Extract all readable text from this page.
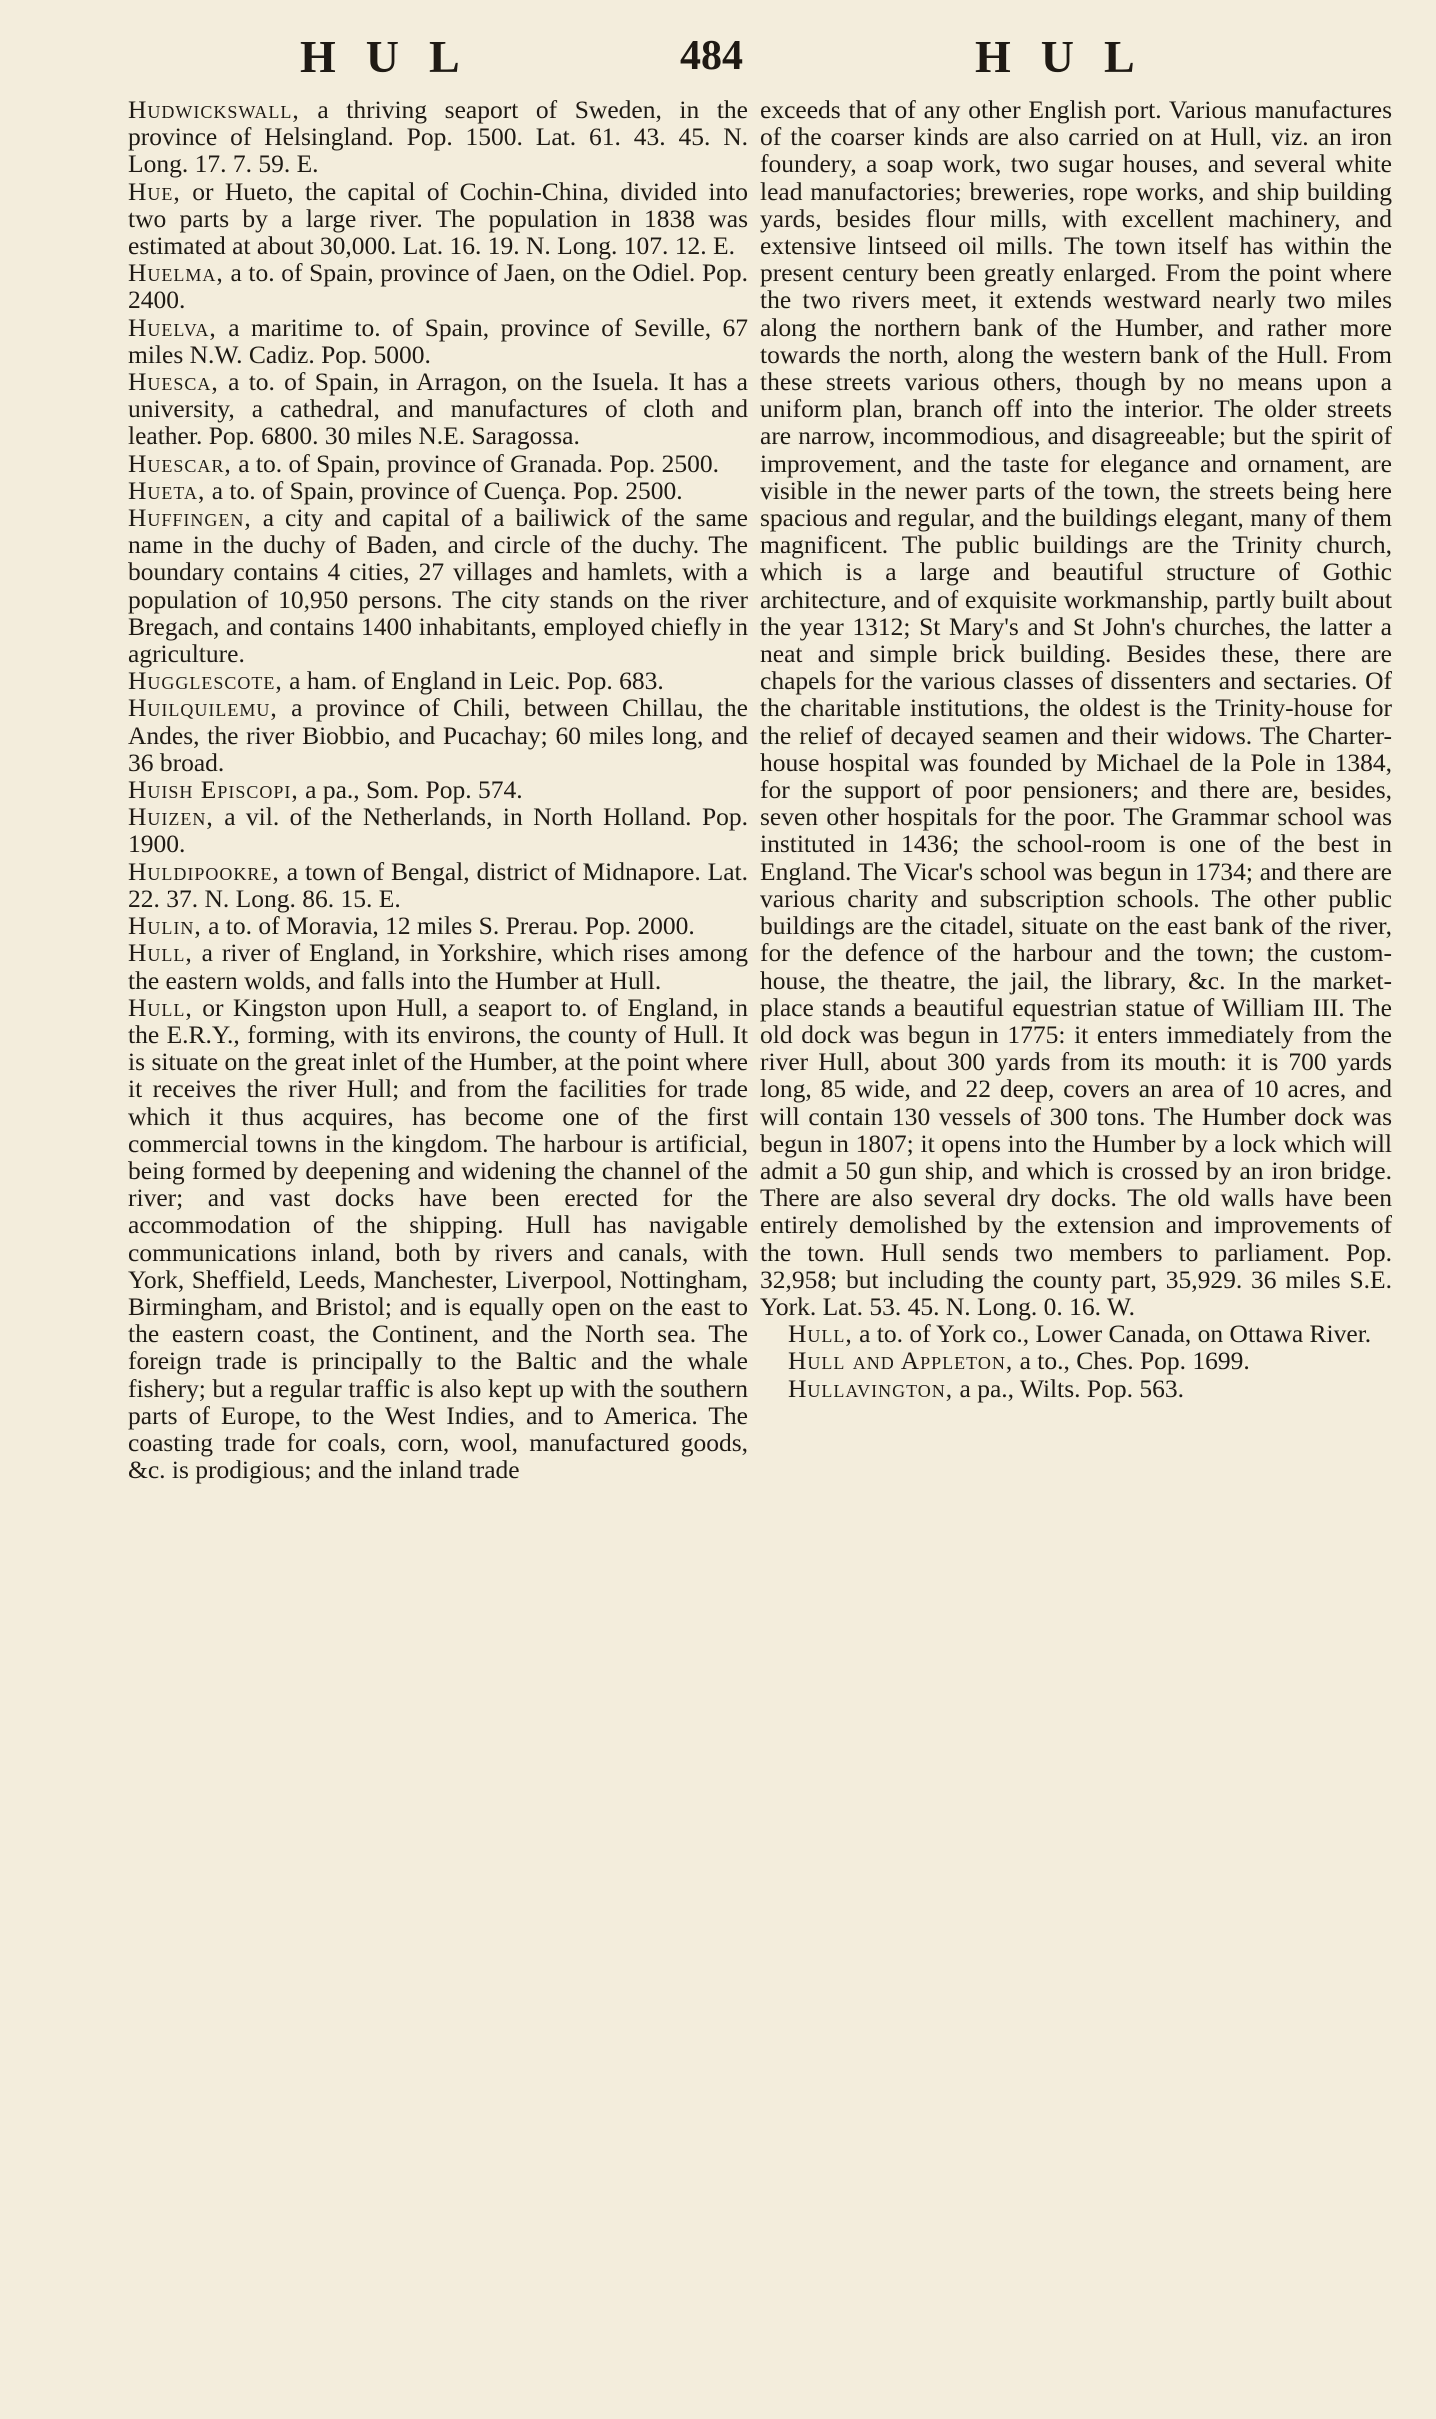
HUL	484	HUL

Hudwickswall, a thriving seaport of Sweden, in the province of Helsingland. Pop. 1500. Lat. 61. 43. 45. N. Long. 17. 7. 59. E.

Hue, or Hueto, the capital of Cochin-China, divided into two parts by a large river. The population in 1838 was estimated at about 30,000. Lat. 16. 19. N. Long. 107. 12. E.

Huelma, a to. of Spain, province of Jaen, on the Odiel. Pop. 2400.

Huelva, a maritime to. of Spain, province of Seville, 67 miles N.W. Cadiz. Pop. 5000.

Huesca, a to. of Spain, in Arragon, on the Isuela. It has a university, a cathedral, and manufactures of cloth and leather. Pop. 6800. 30 miles N.E. Saragossa.

Huescar, a to. of Spain, province of Granada. Pop. 2500.

Hueta, a to. of Spain, province of Cuença. Pop. 2500.

Huffingen, a city and capital of a bailiwick of the same name in the duchy of Baden, and circle of the duchy. The boundary contains 4 cities, 27 villages and hamlets, with a population of 10,950 persons. The city stands on the river Bregach, and contains 1400 inhabitants, employed chiefly in agriculture.

Hugglescote, a ham. of England in Leic. Pop. 683.

Huilquilemu, a province of Chili, between Chillau, the Andes, the river Biobbio, and Pucachay; 60 miles long, and 36 broad.

Huish Episcopi, a pa., Som. Pop. 574.

Huizen, a vil. of the Netherlands, in North Holland. Pop. 1900.

Huldipookre, a town of Bengal, district of Midnapore. Lat. 22. 37. N. Long. 86. 15. E.

Hulin, a to. of Moravia, 12 miles S. Prerau. Pop. 2000.

Hull, a river of England, in Yorkshire, which rises among the eastern wolds, and falls into the Humber at Hull.

Hull, or Kingston upon Hull, a seaport to. of England, in the E.R.Y., forming, with its environs, the county of Hull. It is situate on the great inlet of the Humber, at the point where it receives the river Hull; and from the facilities for trade which it thus acquires, has become one of the first commercial towns in the kingdom. The harbour is artificial, being formed by deepening and widening the channel of the river; and vast docks have been erected for the accommodation of the shipping. Hull has navigable communications inland, both by rivers and canals, with York, Sheffield, Leeds, Manchester, Liverpool, Nottingham, Birmingham, and Bristol; and is equally open on the east to the eastern coast, the Continent, and the North sea. The foreign trade is principally to the Baltic and the whale fishery; but a regular traffic is also kept up with the southern parts of Europe, to the West Indies, and to America. The coasting trade for coals, corn, wool, manufactured goods, &c. is prodigious; and the inland trade

exceeds that of any other English port. Various manufactures of the coarser kinds are also carried on at Hull, viz. an iron foundery, a soap work, two sugar houses, and several white lead manufactories; breweries, rope works, and ship building yards, besides flour mills, with excellent machinery, and extensive lintseed oil mills. The town itself has within the present century been greatly enlarged. From the point where the two rivers meet, it extends westward nearly two miles along the northern bank of the Humber, and rather more towards the north, along the western bank of the Hull. From these streets various others, though by no means upon a uniform plan, branch off into the interior. The older streets are narrow, incommodious, and disagreeable; but the spirit of improvement, and the taste for elegance and ornament, are visible in the newer parts of the town, the streets being here spacious and regular, and the buildings elegant, many of them magnificent. The public buildings are the Trinity church, which is a large and beautiful structure of Gothic architecture, and of exquisite workmanship, partly built about the year 1312; St Mary's and St John's churches, the latter a neat and simple brick building. Besides these, there are chapels for the various classes of dissenters and sectaries. Of the charitable institutions, the oldest is the Trinity-house for the relief of decayed seamen and their widows. The Charter-house hospital was founded by Michael de la Pole in 1384, for the support of poor pensioners; and there are, besides, seven other hospitals for the poor. The Grammar school was instituted in 1436; the school-room is one of the best in England. The Vicar's school was begun in 1734; and there are various charity and subscription schools. The other public buildings are the citadel, situate on the east bank of the river, for the defence of the harbour and the town; the custom-house, the theatre, the jail, the library, &c. In the market-place stands a beautiful equestrian statue of William III. The old dock was begun in 1775: it enters immediately from the river Hull, about 300 yards from its mouth: it is 700 yards long, 85 wide, and 22 deep, covers an area of 10 acres, and will contain 130 vessels of 300 tons. The Humber dock was begun in 1807; it opens into the Humber by a lock which will admit a 50 gun ship, and which is crossed by an iron bridge. There are also several dry docks. The old walls have been entirely demolished by the extension and improvements of the town. Hull sends two members to parliament. Pop. 32,958; but including the county part, 35,929. 36 miles S.E. York. Lat. 53. 45. N. Long. 0. 16. W.

Hull, a to. of York co., Lower Canada, on Ottawa River.

Hull and Appleton, a to., Ches. Pop. 1699.

Hullavington, a pa., Wilts. Pop. 563.
